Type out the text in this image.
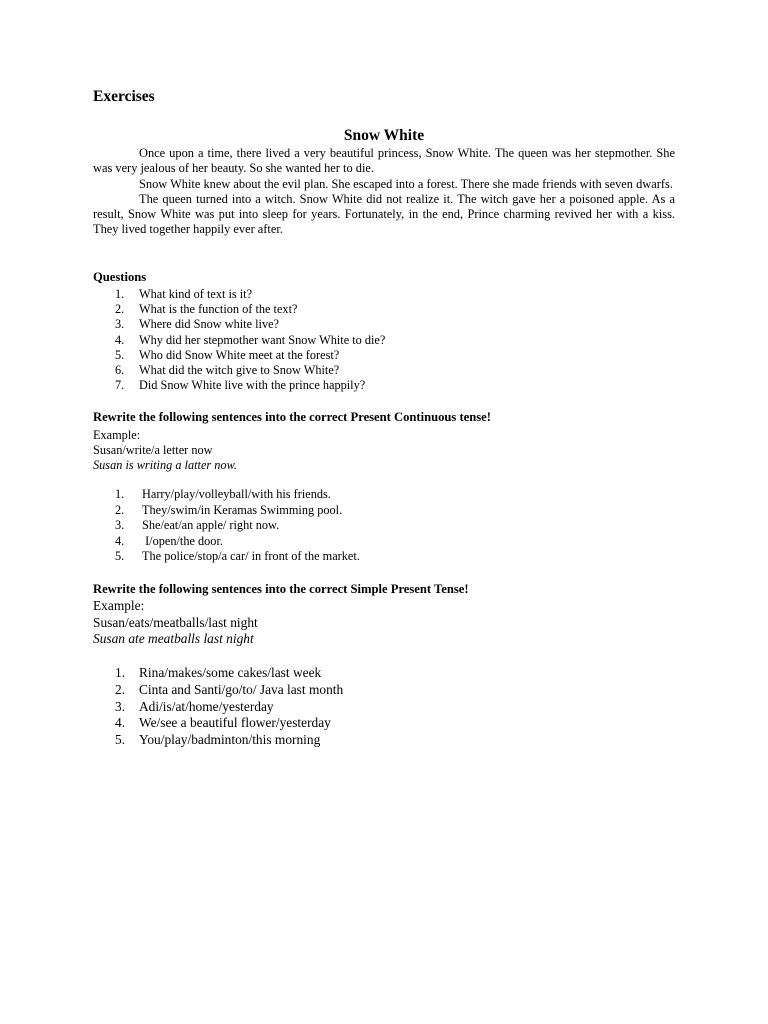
Exercises
Snow White

Once upon a time, there lived a very beautiful princess, Snow White. The queen was her stepmother. She was very jealous of her beauty. So she wanted her to die.

Snow White knew about the evil plan. She escaped into a forest. There she made friends with seven dwarfs.

The queen turned into a witch. Snow White did not realize it. The witch gave her a poisoned apple. As a result, Snow White was put into sleep for years. Fortunately, in the end, Prince charming revived her with a kiss. They lived together happily ever after.

Questions
1. What kind of text is it?
2. What is the function of the text?
3. Where did Snow white live?
4. Why did her stepmother want Snow White to die?
5. Who did Snow White meet at the forest?
6. What did the witch give to Snow White?
7. Did Snow White live with the prince happily?
Rewrite the following sentences into the correct Present Continuous tense!
Example:
Susan/write/a letter now
Susan is writing a latter now.
1. Harry/play/volleyball/with his friends.
2. They/swim/in Keramas Swimming pool.
3. She/eat/an apple/ right now.
4. I/open/the door.
5. The police/stop/a car/ in front of the market.
Rewrite the following sentences into the correct Simple Present Tense!
Example:
Susan/eats/meatballs/last night
Susan ate meatballs last night
1. Rina/makes/some cakes/last week
2. Cinta and Santi/go/to/ Java last month
3. Adi/is/at/home/yesterday
4. We/see a beautiful flower/yesterday
5. You/play/badminton/this morning
